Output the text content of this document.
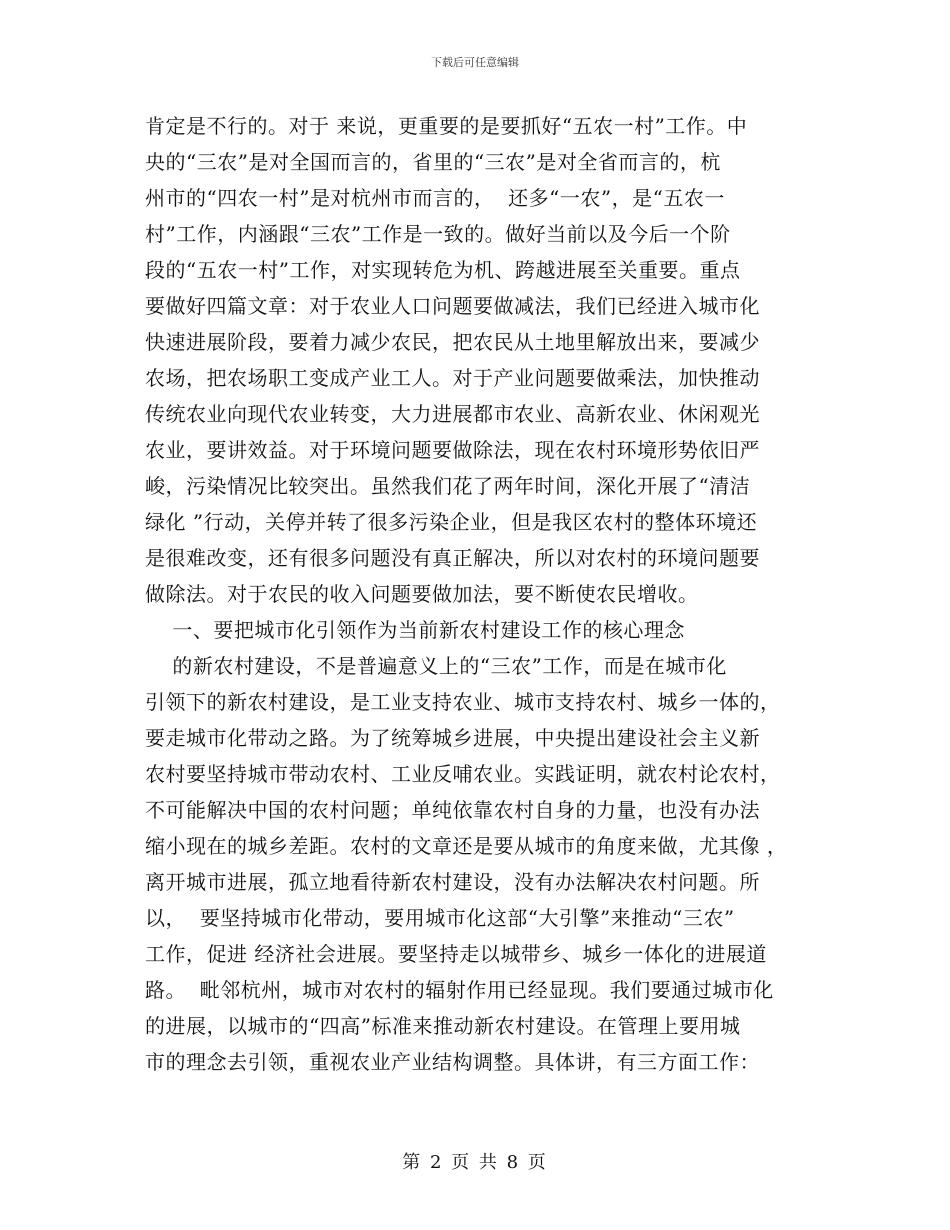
下载后可任意编辑
肯定是不行的。对于 来说，更重要的是要抓好“五农一村”工作。中
央的“三农”是对全国而言的，省里的“三农”是对全省而言的，杭
州市的“四农一村”是对杭州市而言的，  还多“一农”，是“五农一
村”工作，内涵跟“三农”工作是一致的。做好当前以及今后一个阶
段的“五农一村”工作，对实现转危为机、跨越进展至关重要。重点
要做好四篇文章：对于农业人口问题要做减法，我们已经进入城市化
快速进展阶段，要着力减少农民，把农民从土地里解放出来，要减少
农场，把农场职工变成产业工人。对于产业问题要做乘法，加快推动
传统农业向现代农业转变，大力进展都市农业、高新农业、休闲观光
农业，要讲效益。对于环境问题要做除法，现在农村环境形势依旧严
峻，污染情况比较突出。虽然我们花了两年时间，深化开展了“清洁
绿化 ”行动，关停并转了很多污染企业，但是我区农村的整体环境还
是很难改变，还有很多问题没有真正解决，所以对农村的环境问题要
做除法。对于农民的收入问题要做加法，要不断使农民增收。
一、要把城市化引领作为当前新农村建设工作的核心理念
的新农村建设，不是普遍意义上的“三农”工作，而是在城市化
引领下的新农村建设，是工业支持农业、城市支持农村、城乡一体的，
要走城市化带动之路。为了统筹城乡进展，中央提出建设社会主义新
农村要坚持城市带动农村、工业反哺农业。实践证明，就农村论农村，
不可能解决中国的农村问题；单纯依靠农村自身的力量，也没有办法
缩小现在的城乡差距。农村的文章还是要从城市的角度来做，尤其像 ，
离开城市进展，孤立地看待新农村建设，没有办法解决农村问题。所
以，  要坚持城市化带动，要用城市化这部“大引擎”来推动“三农”
工作，促进 经济社会进展。要坚持走以城带乡、城乡一体化的进展道
路。  毗邻杭州，城市对农村的辐射作用已经显现。我们要通过城市化
的进展，以城市的“四高”标准来推动新农村建设。在管理上要用城
市的理念去引领，重视农业产业结构调整。具体讲，有三方面工作：
第 2 页 共 8 页
